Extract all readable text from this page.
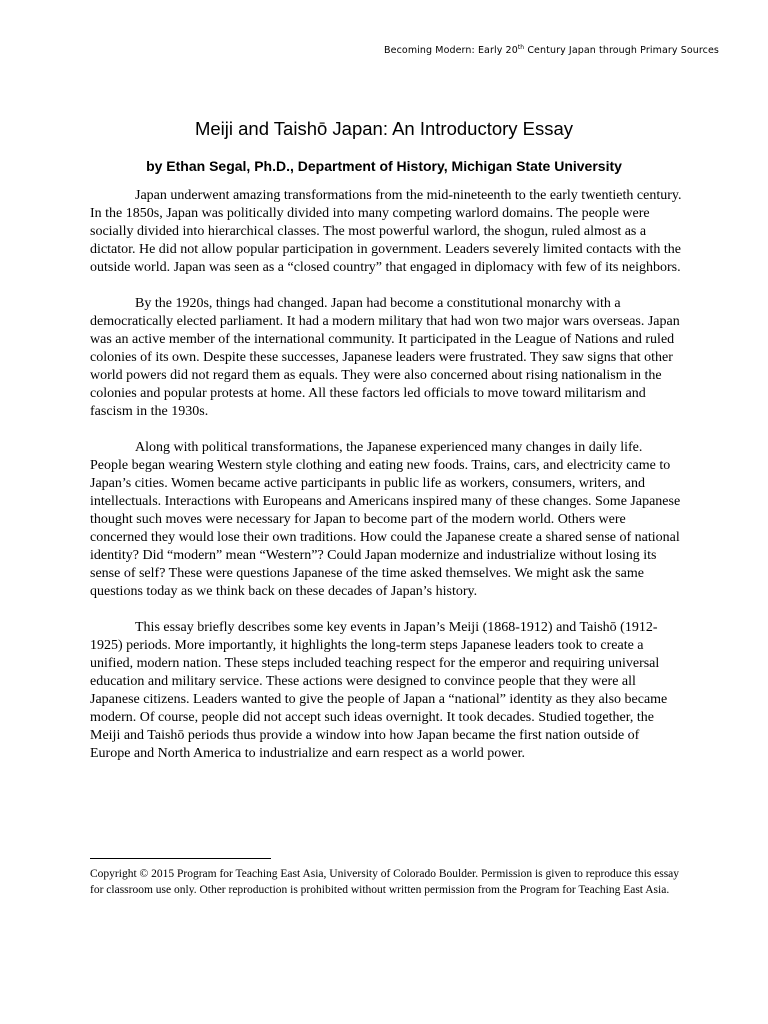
Becoming Modern: Early 20th Century Japan through Primary Sources
Meiji and Taishō Japan: An Introductory Essay

by Ethan Segal, Ph.D., Department of History, Michigan State University

Japan underwent amazing transformations from the mid-nineteenth to the early twentieth century. In the 1850s, Japan was politically divided into many competing warlord domains. The people were socially divided into hierarchical classes. The most powerful warlord, the shogun, ruled almost as a dictator. He did not allow popular participation in government. Leaders severely limited contacts with the outside world. Japan was seen as a “closed country” that engaged in diplomacy with few of its neighbors.

By the 1920s, things had changed. Japan had become a constitutional monarchy with a democratically elected parliament. It had a modern military that had won two major wars overseas. Japan was an active member of the international community. It participated in the League of Nations and ruled colonies of its own. Despite these successes, Japanese leaders were frustrated. They saw signs that other world powers did not regard them as equals. They were also concerned about rising nationalism in the colonies and popular protests at home. All these factors led officials to move toward militarism and fascism in the 1930s.

Along with political transformations, the Japanese experienced many changes in daily life. People began wearing Western style clothing and eating new foods. Trains, cars, and electricity came to Japan’s cities. Women became active participants in public life as workers, consumers, writers, and intellectuals. Interactions with Europeans and Americans inspired many of these changes. Some Japanese thought such moves were necessary for Japan to become part of the modern world. Others were concerned they would lose their own traditions. How could the Japanese create a shared sense of national identity? Did “modern” mean “Western”? Could Japan modernize and industrialize without losing its sense of self? These were questions Japanese of the time asked themselves. We might ask the same questions today as we think back on these decades of Japan’s history.

This essay briefly describes some key events in Japan’s Meiji (1868-1912) and Taishō (1912-1925) periods. More importantly, it highlights the long-term steps Japanese leaders took to create a unified, modern nation. These steps included teaching respect for the emperor and requiring universal education and military service. These actions were designed to convince people that they were all Japanese citizens. Leaders wanted to give the people of Japan a “national” identity as they also became modern. Of course, people did not accept such ideas overnight. It took decades. Studied together, the Meiji and Taishō periods thus provide a window into how Japan became the first nation outside of Europe and North America to industrialize and earn respect as a world power.

Copyright © 2015 Program for Teaching East Asia, University of Colorado Boulder. Permission is given to reproduce this essay for classroom use only. Other reproduction is prohibited without written permission from the Program for Teaching East Asia.
